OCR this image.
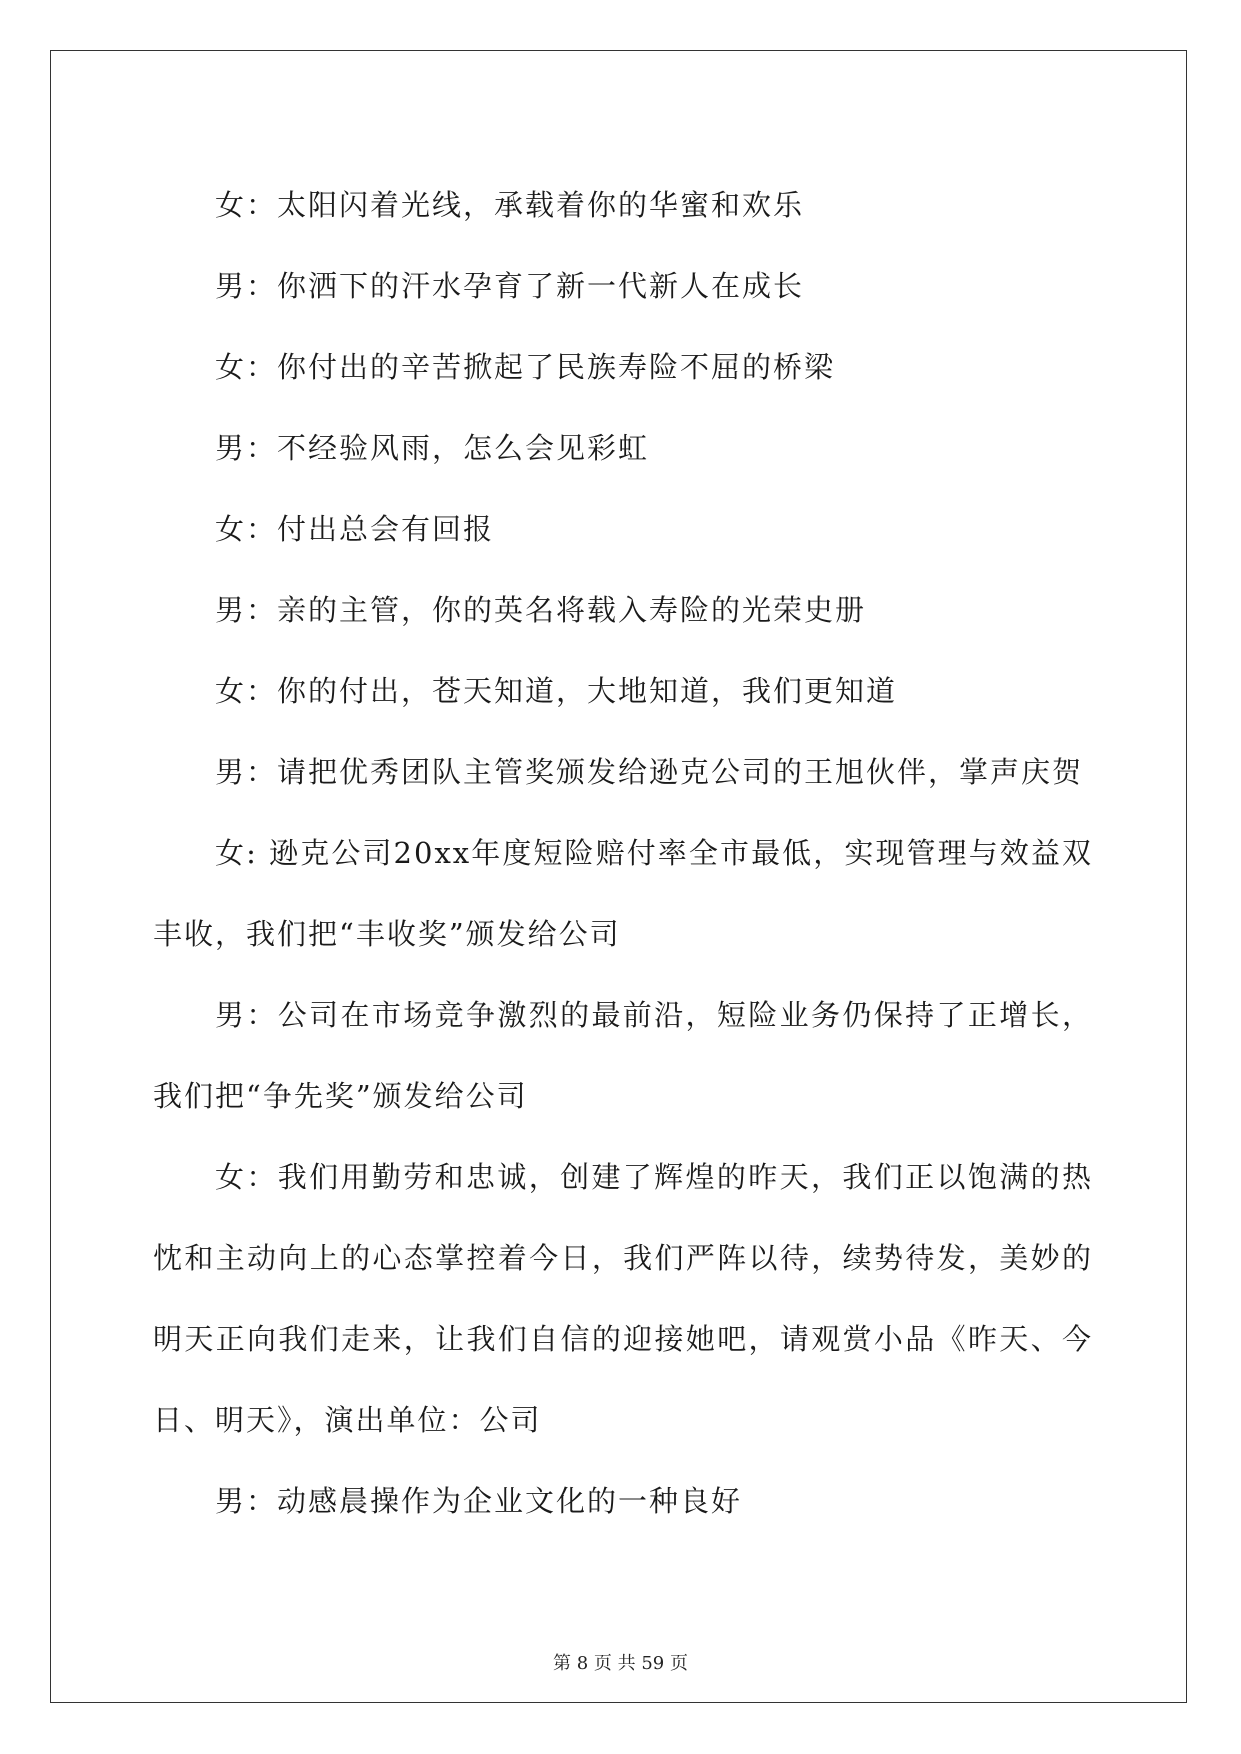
女：太阳闪着光线，承载着你的华蜜和欢乐

男：你洒下的汗水孕育了新一代新人在成长

女：你付出的辛苦掀起了民族寿险不屈的桥梁

男：不经验风雨，怎么会见彩虹

女：付出总会有回报

男：亲的主管，你的英名将载入寿险的光荣史册

女：你的付出，苍天知道，大地知道，我们更知道

男：请把优秀团队主管奖颁发给逊克公司的王旭伙伴，掌声庆贺

女: 逊克公司20xx年度短险赔付率全市最低，实现管理与效益双丰收，我们把“丰收奖”颁发给公司

男：公司在市场竞争激烈的最前沿，短险业务仍保持了正增长，我们把“争先奖”颁发给公司

女：我们用勤劳和忠诚，创建了辉煌的昨天，我们正以饱满的热忱和主动向上的心态掌控着今日，我们严阵以待，续势待发，美妙的明天正向我们走来，让我们自信的迎接她吧，请观赏小品《昨天、今日、明天》，演出单位：公司

男：动感晨操作为企业文化的一种良好

第 8 页 共 59 页
